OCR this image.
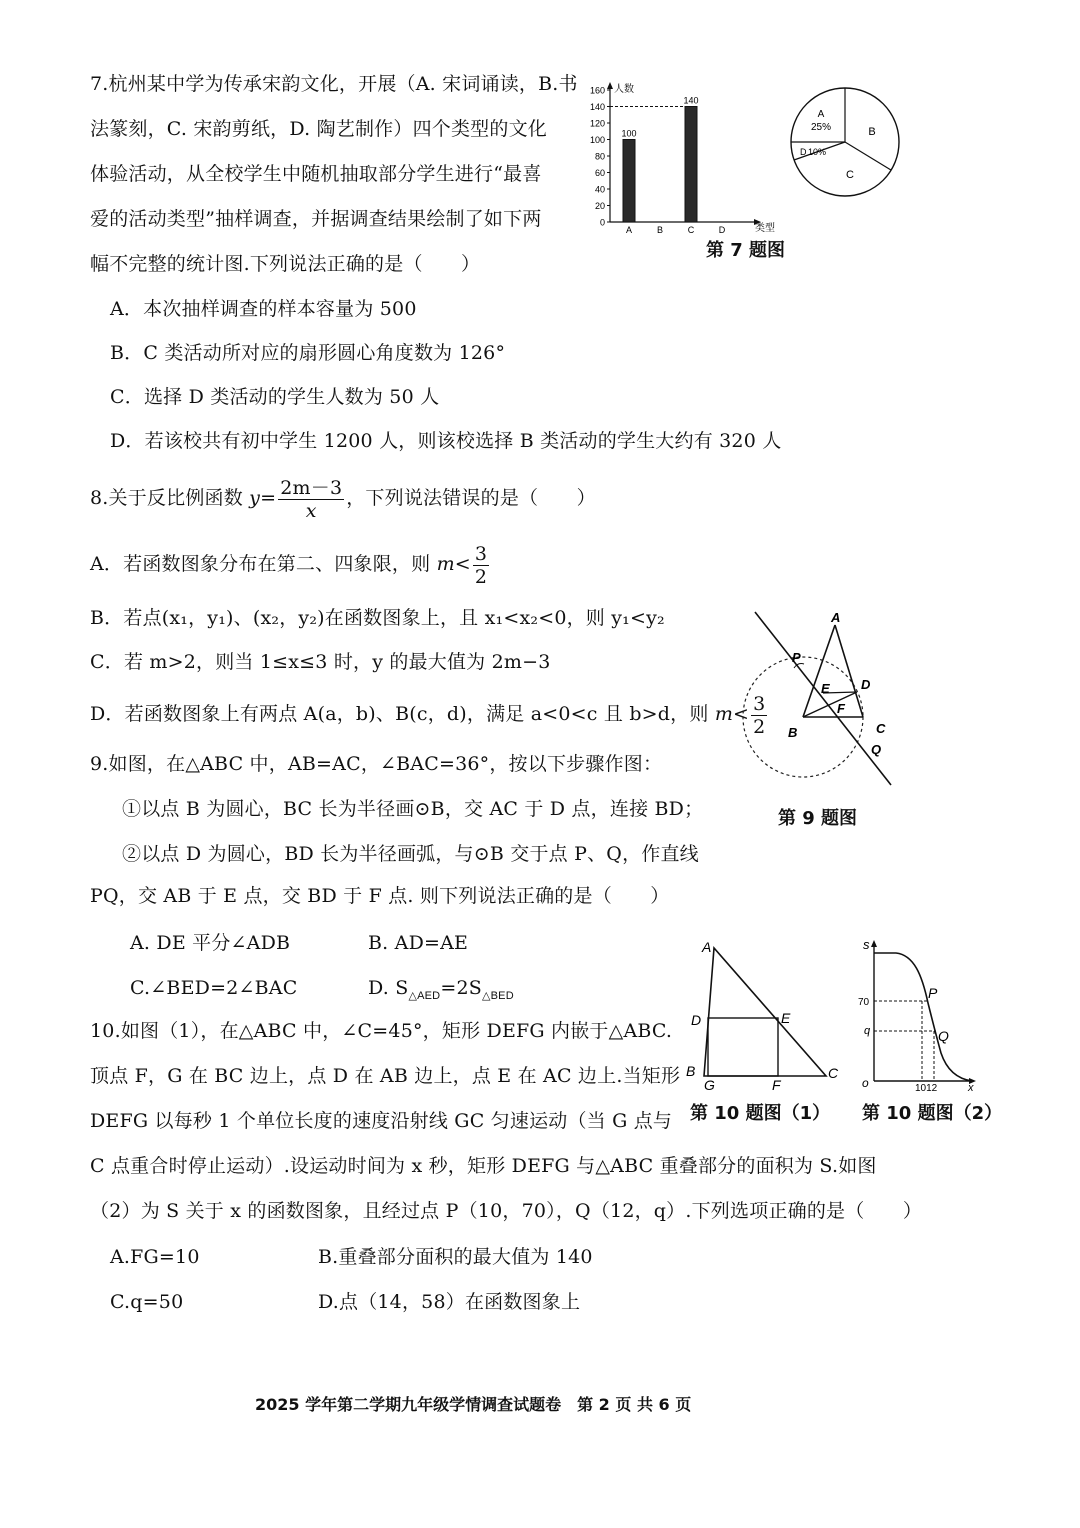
7.杭州某中学为传承宋韵文化，开展（A. 宋词诵读，B.书
法篆刻，C. 宋韵剪纸，D. 陶艺制作）四个类型的文化
体验活动，从全校学生中随机抽取部分学生进行“最喜
爱的活动类型”抽样调查，并据调查结果绘制了如下两
幅不完整的统计图.下列说法正确的是（　　）
A．本次抽样调查的样本容量为 500
B．C 类活动所对应的扇形圆心角度数为 126°
C．选择 D 类活动的学生人数为 50 人
D．若该校共有初中学生 1200 人，则该校选择 B 类活动的学生大约有 320 人
人数
类型
0
20
40
60
80
100
120
140
160
100
A	B
140
C	D
A
25%	B
C
D 10%
第 7 题图
8.关于反比例函数 $y= \frac{2m-3}{x}$ ，下列说法错误的是（　　）
A．若函数图象分布在第二、四象限，则 $m< \frac{3}{2}$
B．若点(x₁，y₁)、(x₂，y₂)在函数图象上，且 x₁<x₂<0，则 y₁<y₂
C．若 m>2，则当 1≤x≤3 时，y 的最大值为 2m−3
D．若函数图象上有两点 A(a，b)、B(c，d)，满足 a<0<c 且 b>d，则 $m< \frac{3}{2}$
9.如图，在△ABC 中，AB=AC，∠BAC=36°，按以下步骤作图：
①以点 B 为圆心，BC 长为半径画⊙B，交 AC 于 D 点，连接 BD；
②以点 D 为圆心，BD 长为半径画弧，与⊙B 交于点 P、Q，作直线
PQ，交 AB 于 E 点，交 BD 于 F 点. 则下列说法正确的是（　　）
A. DE 平分∠ADB	B. AD=AE
C.∠BED=2∠BAC	D. $S_{\triangle AED}=2S_{\triangle BED}$
A
P
D
E
F
B	C
Q
第 9 题图
10.如图（1），在△ABC 中，∠C=45°，矩形 DEFG 内嵌于△ABC.
顶点 F，G 在 BC 边上，点 D 在 AB 边上，点 E 在 AC 边上.当矩形
DEFG 以每秒 1 个单位长度的速度沿射线 GC 匀速运动（当 G 点与
C 点重合时停止运动）.设运动时间为 x 秒，矩形 DEFG 与△ABC 重叠部分的面积为 S.如图
（2）为 S 关于 x 的函数图象，且经过点 P（10，70），Q（12，q）.下列选项正确的是（　　）
A.FG=10	B.重叠部分面积的最大值为 140
C.q=50	D.点（14，58）在函数图象上
A
D	E
B
G	F
C
第 10 题图（1）
s
70
q
o	1012	x
P
Q
第 10 题图（2）
2025 学年第二学期九年级学情调查试题卷　第 2 页 共 6 页
